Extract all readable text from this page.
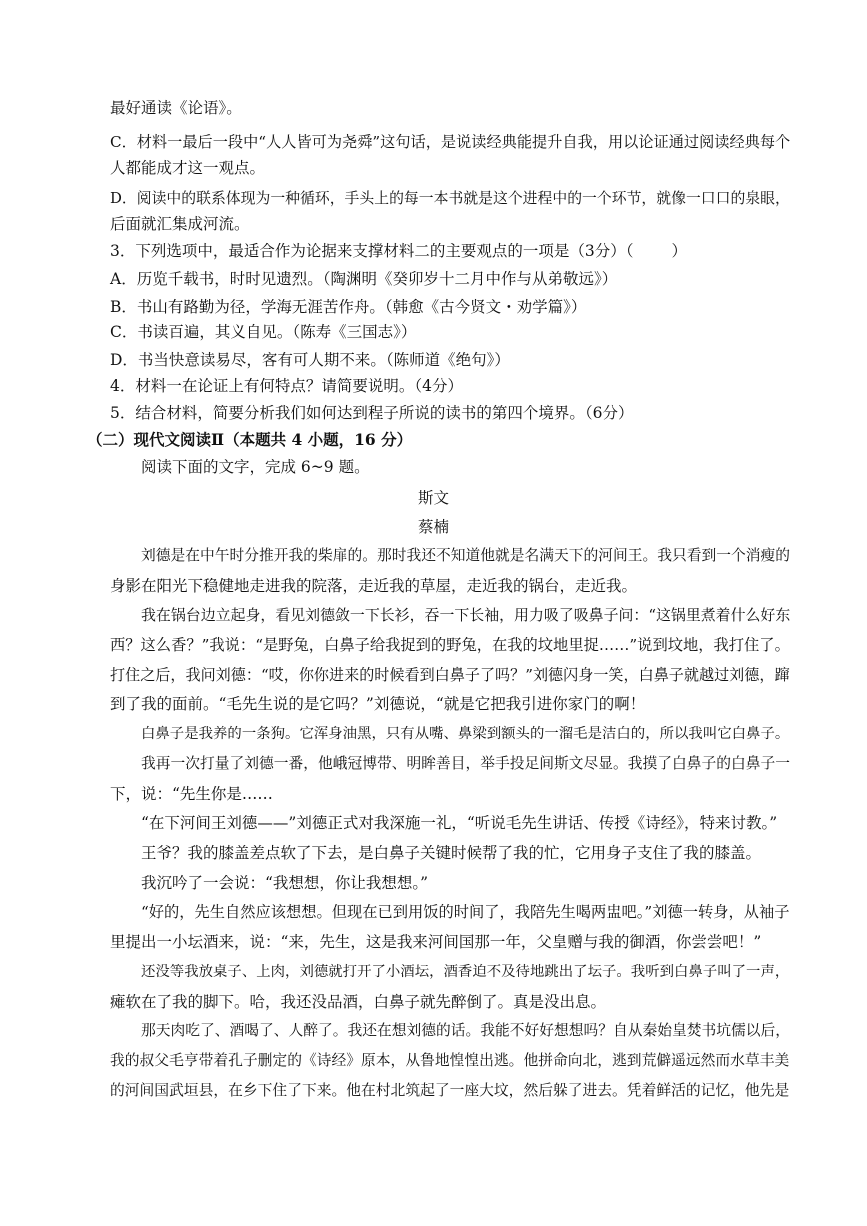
最好通读《论语》。

C．材料一最后一段中“人人皆可为尧舜”这句话，是说读经典能提升自我，用以论证通过阅读经典每个

人都能成才这一观点。

D．阅读中的联系体现为一种循环，手头上的每一本书就是这个进程中的一个环节，就像一口口的泉眼，

后面就汇集成河流。

3．下列选项中，最适合作为论据来支撑材料二的主要观点的一项是（3分）（ ）

A．历览千载书，时时见遗烈。（陶渊明《癸卯岁十二月中作与从弟敬远》）

B．书山有路勤为径，学海无涯苦作舟。（韩愈《古今贤文・劝学篇》）

C．书读百遍，其义自见。（陈寿《三国志》）

D．书当快意读易尽，客有可人期不来。（陈师道《绝句》）

4．材料一在论证上有何特点？请简要说明。（4分）

5．结合材料，简要分析我们如何达到程子所说的读书的第四个境界。（6分）

（二）现代文阅读Ⅱ（本题共 4 小题，16 分）

阅读下面的文字，完成 6~9 题。

斯文

蔡楠

刘德是在中午时分推开我的柴扉的。那时我还不知道他就是名满天下的河间王。我只看到一个消瘦的

身影在阳光下稳健地走进我的院落，走近我的草屋，走近我的锅台，走近我。

我在锅台边立起身，看见刘德敛一下长衫，吞一下长袖，用力吸了吸鼻子问：“这锅里煮着什么好东

西？这么香？”我说：“是野兔，白鼻子给我捉到的野兔，在我的坟地里捉……”说到坟地，我打住了。

打住之后，我问刘德：“哎，你你进来的时候看到白鼻子了吗？”刘德闪身一笑，白鼻子就越过刘德，蹿

到了我的面前。“毛先生说的是它吗？”刘德说，“就是它把我引进你家门的啊！

白鼻子是我养的一条狗。它浑身油黑，只有从嘴、鼻梁到额头的一溜毛是洁白的，所以我叫它白鼻子。

我再一次打量了刘德一番，他峨冠博带、明眸善目，举手投足间斯文尽显。我摸了白鼻子的白鼻子一

下，说：“先生你是……

“在下河间王刘德——”刘德正式对我深施一礼，“听说毛先生讲话、传授《诗经》，特来讨教。”

王爷？我的膝盖差点软了下去，是白鼻子关键时候帮了我的忙，它用身子支住了我的膝盖。

我沉吟了一会说：“我想想，你让我想想。”

“好的，先生自然应该想想。但现在已到用饭的时间了，我陪先生喝两盅吧。”刘德一转身，从袖子

里提出一小坛酒来，说：“来，先生，这是我来河间国那一年，父皇赠与我的御酒，你尝尝吧！”

还没等我放桌子、上肉，刘德就打开了小酒坛，酒香迫不及待地跳出了坛子。我听到白鼻子叫了一声，

瘫软在了我的脚下。哈，我还没品酒，白鼻子就先醉倒了。真是没出息。

那天肉吃了、酒喝了、人醉了。我还在想刘德的话。我能不好好想想吗？自从秦始皇焚书坑儒以后，

我的叔父毛亨带着孔子删定的《诗经》原本，从鲁地惶惶出逃。他拼命向北，逃到荒僻遥远然而水草丰美

的河间国武垣县，在乡下住了下来。他在村北筑起了一座大坟，然后躲了进去。凭着鲜活的记忆，他先是
